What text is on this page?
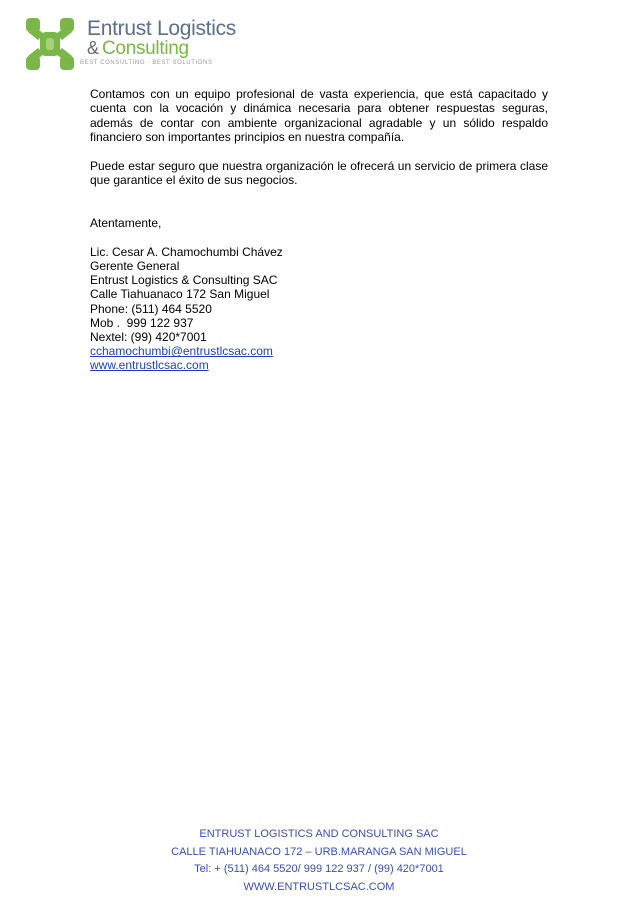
Entrust Logistics
& Consulting
BEST CONSULTING · BEST SOLUTIONS

Contamos con un equipo profesional de vasta experiencia, que está capacitado y cuenta con la vocación y dinámica necesaria para obtener respuestas seguras, además de contar con ambiente organizacional agradable y un sólido respaldo financiero son importantes principios en nuestra compañía.

Puede estar seguro que nuestra organización le ofrecerá un servicio de primera clase que garantice el éxito de sus negocios.

Atentamente,
Lic. Cesar A. Chamochumbi Chávez
Gerente General
Entrust Logistics & Consulting SAC
Calle Tiahuanaco 172 San Miguel
Phone: (511) 464 5520
Mob .  999 122 937
Nextel: (99) 420*7001
cchamochumbi@entrustlcsac.com
www.entrustlcsac.com
ENTRUST LOGISTICS AND CONSULTING SAC
CALLE TIAHUANACO 172 – URB.MARANGA SAN MIGUEL
Tel: + (511) 464 5520/ 999 122 937 / (99) 420*7001
WWW.ENTRUSTLCSAC.COM
